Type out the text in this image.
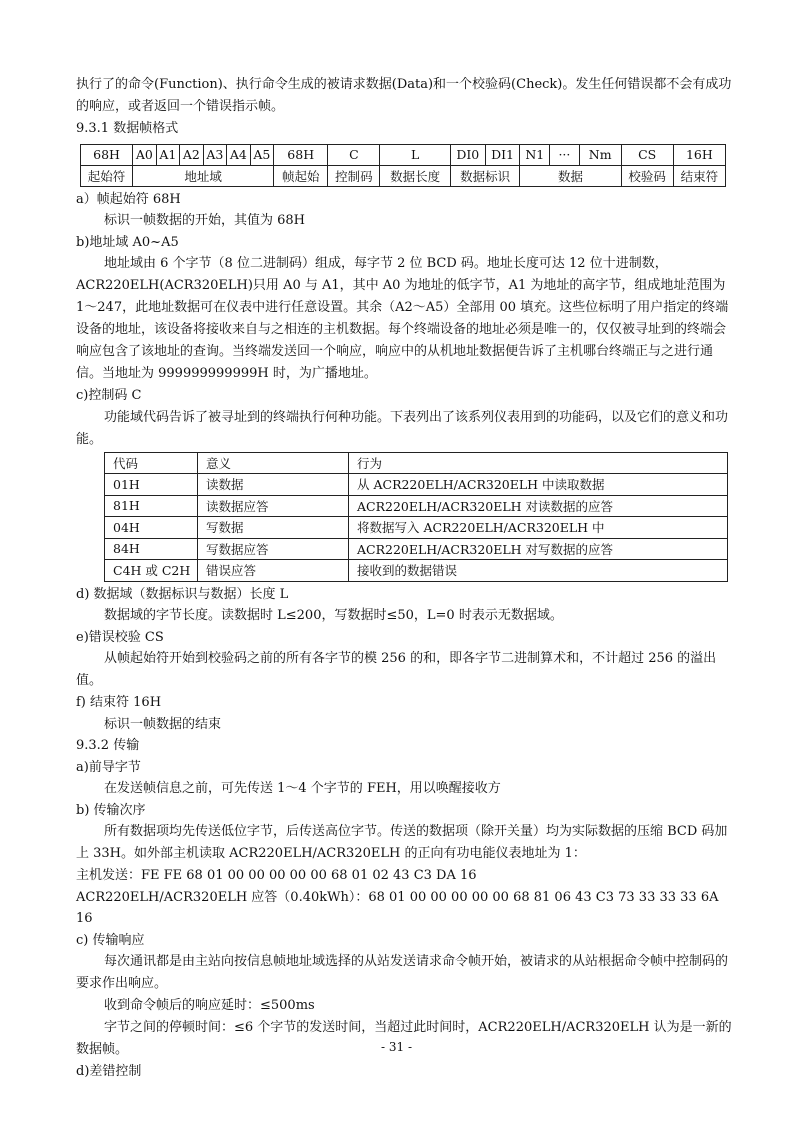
执行了的命令(Function)、执行命令生成的被请求数据(Data)和一个校验码(Check)。发生任何错误都不会有成功的响应，或者返回一个错误指示帧。

9.3.1 数据帧格式

68H	A0	A1	A2	A3	A4	A5	68H	C	L	DI0	DI1	N1	···	Nm	CS	16H
起始符	地址域						帧起始	控制码	数据长度	数据标识		数据			校验码	结束符

a）帧起始符 68H

标识一帧数据的开始，其值为 68H

b)地址域 A0~A5

地址域由 6 个字节（8 位二进制码）组成，每字节 2 位 BCD 码。地址长度可达 12 位十进制数，ACR220ELH(ACR320ELH)只用 A0 与 A1，其中 A0 为地址的低字节，A1 为地址的高字节，组成地址范围为 1～247，此地址数据可在仪表中进行任意设置。其余（A2～A5）全部用 00 填充。这些位标明了用户指定的终端设备的地址，该设备将接收来自与之相连的主机数据。每个终端设备的地址必须是唯一的，仅仅被寻址到的终端会响应包含了该地址的查询。当终端发送回一个响应，响应中的从机地址数据便告诉了主机哪台终端正与之进行通信。当地址为 999999999999H 时，为广播地址。

c)控制码 C

功能域代码告诉了被寻址到的终端执行何种功能。下表列出了该系列仪表用到的功能码，以及它们的意义和功能。

代码	意义	行为
01H	读数据	从 ACR220ELH/ACR320ELH 中读取数据
81H	读数据应答	ACR220ELH/ACR320ELH 对读数据的应答
04H	写数据	将数据写入 ACR220ELH/ACR320ELH 中
84H	写数据应答	ACR220ELH/ACR320ELH 对写数据的应答
C4H 或 C2H	错误应答	接收到的数据错误

d) 数据域（数据标识与数据）长度 L

数据域的字节长度。读数据时 L≤200，写数据时≤50，L=0 时表示无数据域。

e)错误校验 CS

从帧起始符开始到校验码之前的所有各字节的模 256 的和，即各字节二进制算术和，不计超过 256 的溢出值。

f) 结束符 16H

标识一帧数据的结束

9.3.2 传输

a)前导字节

在发送帧信息之前，可先传送 1～4 个字节的 FEH，用以唤醒接收方

b) 传输次序

所有数据项均先传送低位字节，后传送高位字节。传送的数据项（除开关量）均为实际数据的压缩 BCD 码加上 33H。如外部主机读取 ACR220ELH/ACR320ELH 的正向有功电能仪表地址为 1：

主机发送：FE FE 68 01 00 00 00 00 00 68 01 02 43 C3 DA 16

ACR220ELH/ACR320ELH 应答（0.40kWh）：68 01 00 00 00 00 00 68 81 06 43 C3 73 33 33 33 6A 16

c) 传输响应

每次通讯都是由主站向按信息帧地址域选择的从站发送请求命令帧开始，被请求的从站根据命令帧中控制码的要求作出响应。

收到命令帧后的响应延时：≤500ms

字节之间的停顿时间：≤6 个字节的发送时间，当超过此时间时，ACR220ELH/ACR320ELH 认为是一新的数据帧。

d)差错控制

- 31 -
